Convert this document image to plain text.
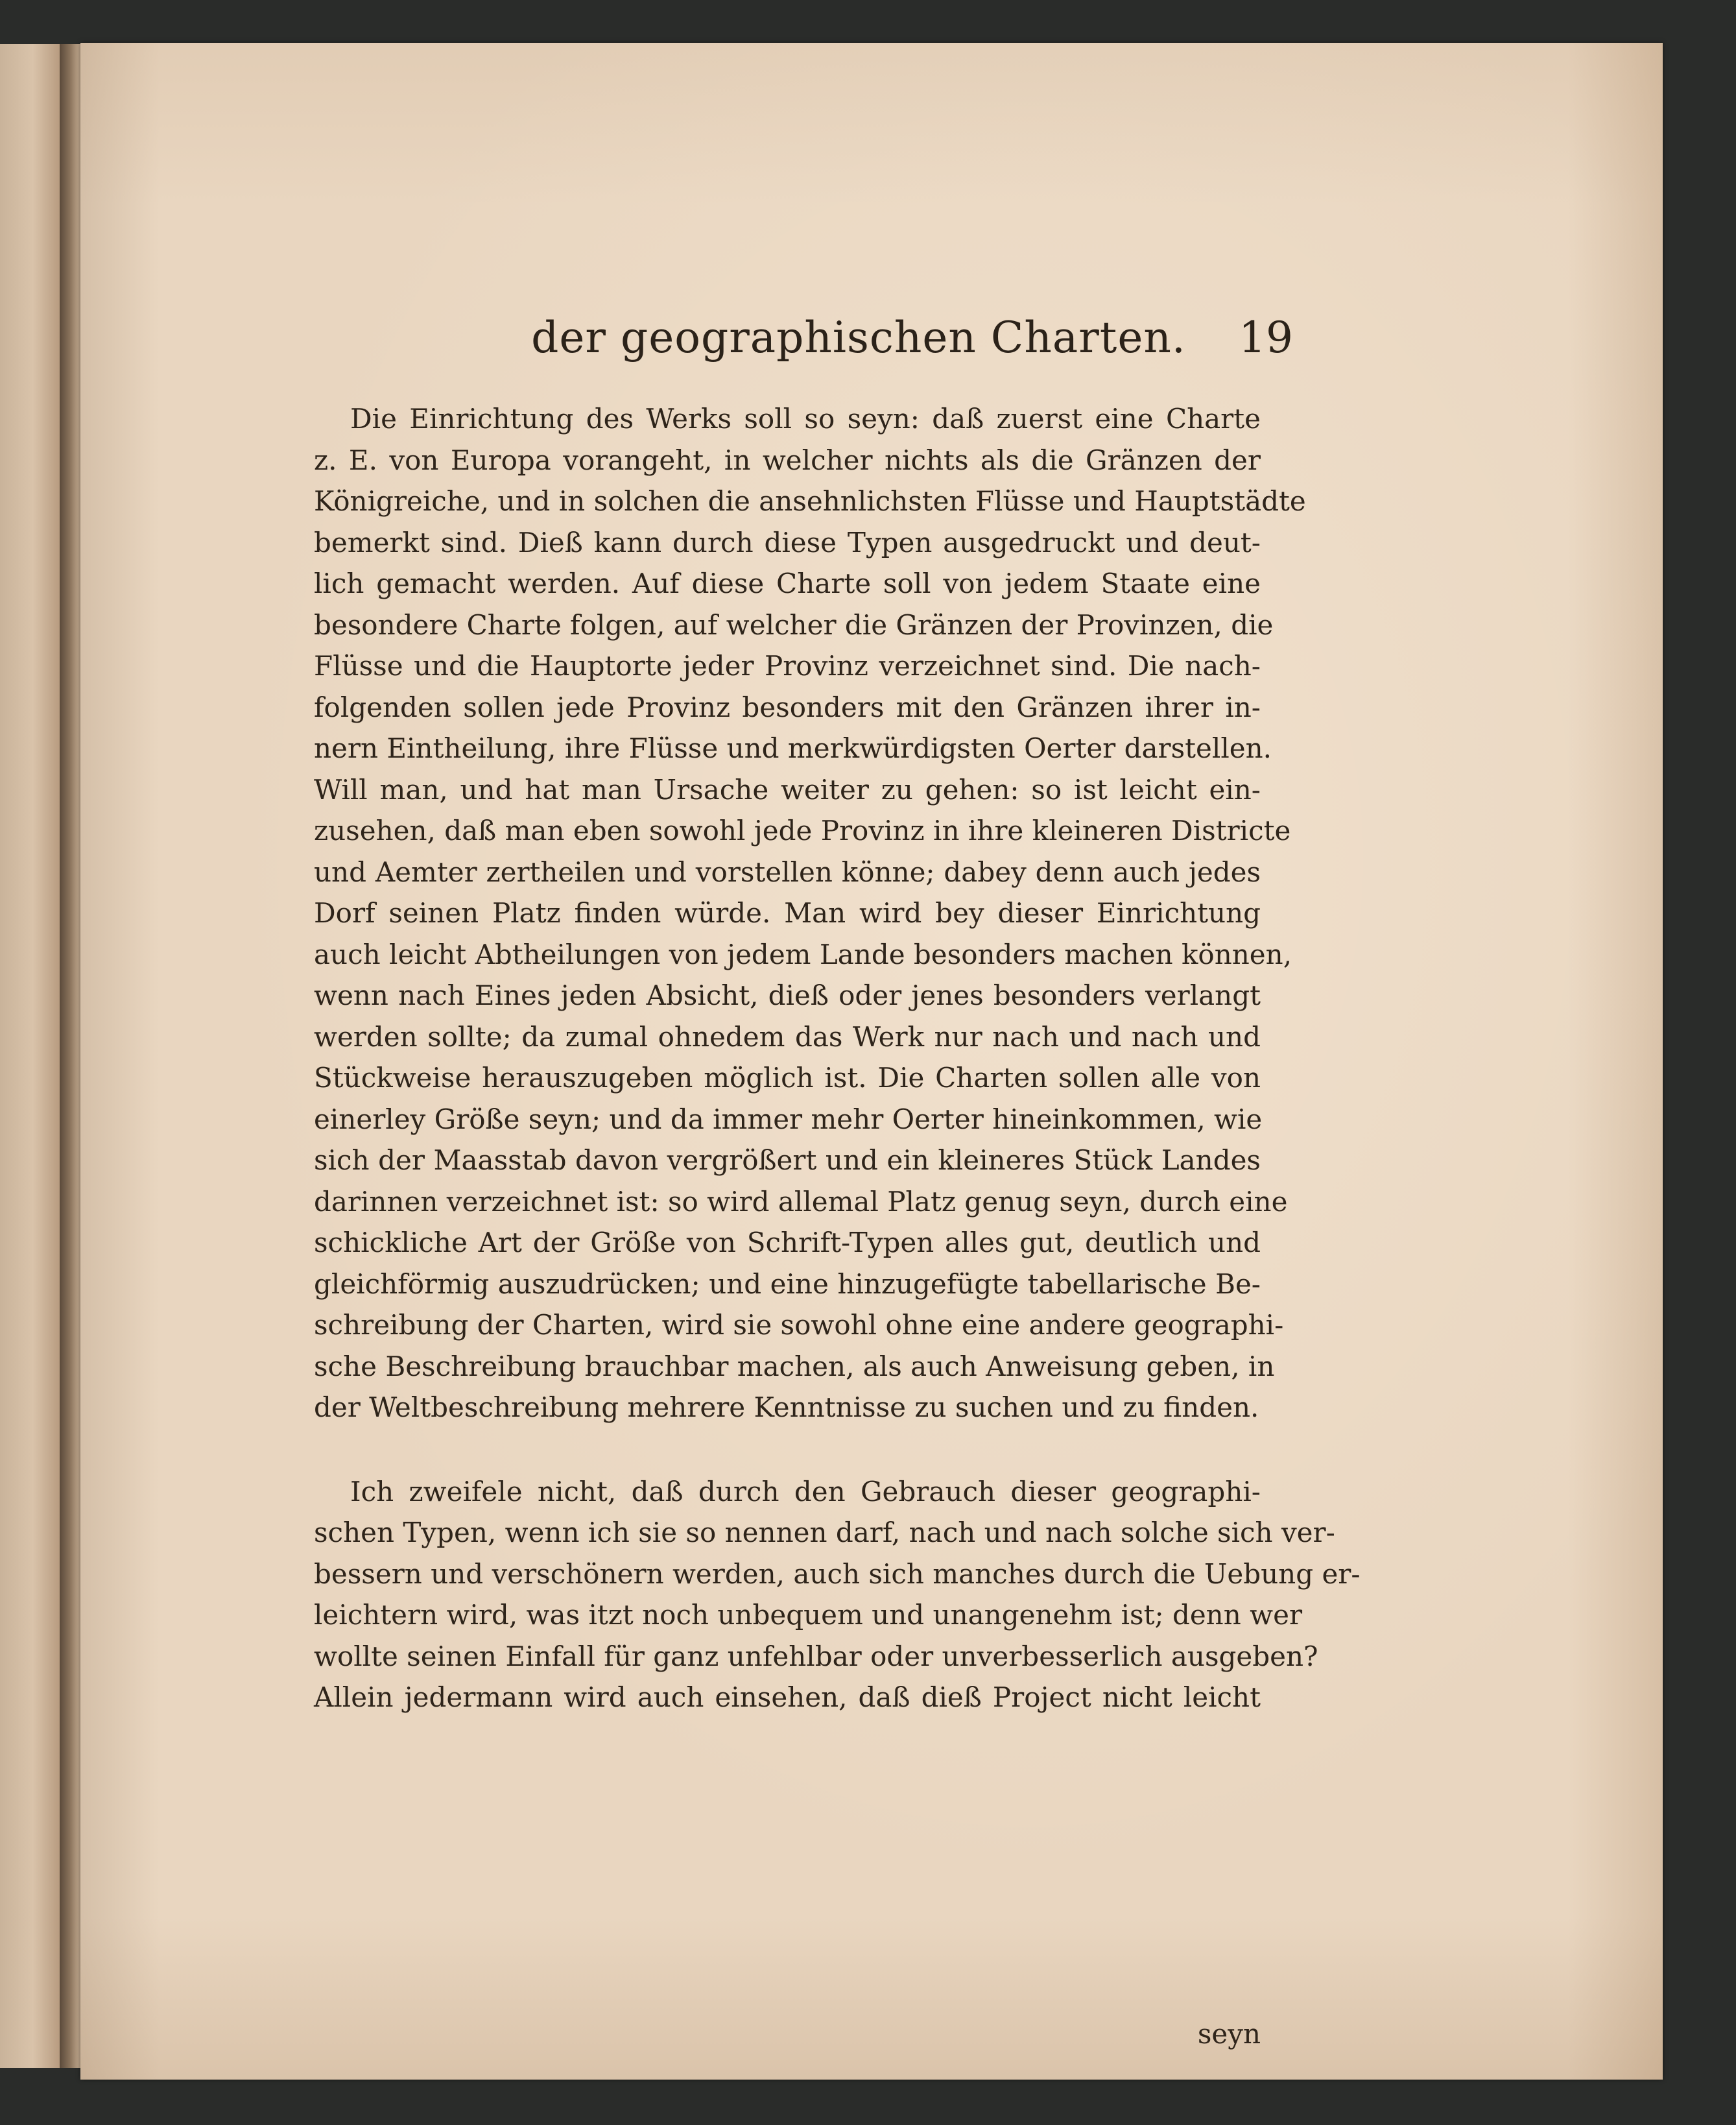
der geographischen Charten.	19
Die Einrichtung des Werks soll so seyn: daß zuerst eine Charte
z. E. von Europa vorangeht, in welcher nichts als die Gränzen der
Königreiche, und in solchen die ansehnlichsten Flüsse und Hauptstädte
bemerkt sind. Dieß kann durch diese Typen ausgedruckt und deut-
lich gemacht werden. Auf diese Charte soll von jedem Staate eine
besondere Charte folgen, auf welcher die Gränzen der Provinzen, die
Flüsse und die Hauptorte jeder Provinz verzeichnet sind. Die nach-
folgenden sollen jede Provinz besonders mit den Gränzen ihrer in-
nern Eintheilung, ihre Flüsse und merkwürdigsten Oerter darstellen.
Will man, und hat man Ursache weiter zu gehen: so ist leicht ein-
zusehen, daß man eben sowohl jede Provinz in ihre kleineren Districte
und Aemter zertheilen und vorstellen könne; dabey denn auch jedes
Dorf seinen Platz finden würde. Man wird bey dieser Einrichtung
auch leicht Abtheilungen von jedem Lande besonders machen können,
wenn nach Eines jeden Absicht, dieß oder jenes besonders verlangt
werden sollte; da zumal ohnedem das Werk nur nach und nach und
Stückweise herauszugeben möglich ist. Die Charten sollen alle von
einerley Größe seyn; und da immer mehr Oerter hineinkommen, wie
sich der Maasstab davon vergrößert und ein kleineres Stück Landes
darinnen verzeichnet ist: so wird allemal Platz genug seyn, durch eine
schickliche Art der Größe von Schrift-Typen alles gut, deutlich und
gleichförmig auszudrücken; und eine hinzugefügte tabellarische Be-
schreibung der Charten, wird sie sowohl ohne eine andere geographi-
sche Beschreibung brauchbar machen, als auch Anweisung geben, in
der Weltbeschreibung mehrere Kenntnisse zu suchen und zu finden.
Ich zweifele nicht, daß durch den Gebrauch dieser geographi-
schen Typen, wenn ich sie so nennen darf, nach und nach solche sich ver-
bessern und verschönern werden, auch sich manches durch die Uebung er-
leichtern wird, was itzt noch unbequem und unangenehm ist; denn wer
wollte seinen Einfall für ganz unfehlbar oder unverbesserlich ausgeben?
Allein jedermann wird auch einsehen, daß dieß Project nicht leicht
seyn
